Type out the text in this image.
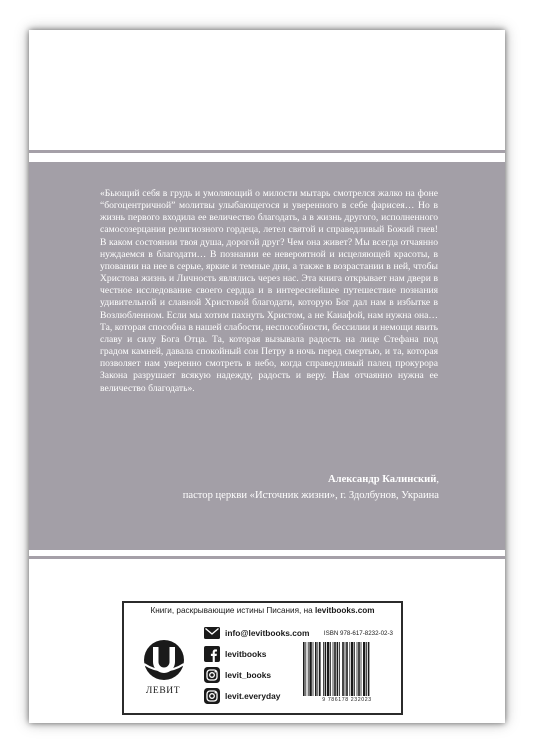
«Бьющий себя в грудь и умоляющий о милости мытарь смотрелся жалко на фоне “богоцентричной” молитвы улыбающегося и уверенного в себе фарисея… Но в жизнь первого входила ее величество благодать, а в жизнь другого, исполненного самосозерцания религиозного гордеца, летел святой и справедливый Божий гнев! В каком состоянии твоя душа, дорогой друг? Чем она живет? Мы всегда отчаянно нуждаемся в благодати… В познании ее невероятной и исцеляющей красоты, в уповании на нее в серые, яркие и темные дни, а также в возрастании в ней, чтобы Христова жизнь и Личность являлись через нас. Эта книга открывает нам двери в честное исследование своего сердца и в интереснейшее путешествие познания удивительной и славной Христовой благодати, которую Бог дал нам в избытке в Возлюбленном. Если мы хотим пахнуть Христом, а не Каиафой, нам нужна она… Та, которая способна в нашей слабости, неспособности, бессилии и немощи явить славу и силу Бога Отца. Та, которая вызывала радость на лице Стефана под градом камней, давала спокойный сон Петру в ночь перед смертью, и та, которая позволяет нам уверенно смотреть в небо, когда справедливый палец прокурора Закона разрушает всякую надежду, радость и веру. Нам отчаянно нужна ее величество благодать».

Александр Калинский,
пастор церкви «Источник жизни», г. Здолбунов, Украина
Книги, раскрывающие истины Писания, на levitbooks.com
ЛЕВИТ
info@levitbooks.com
levitbooks
levit_books
levit.everyday
ISBN 978-617-8232-02-3
9 786178 232023
